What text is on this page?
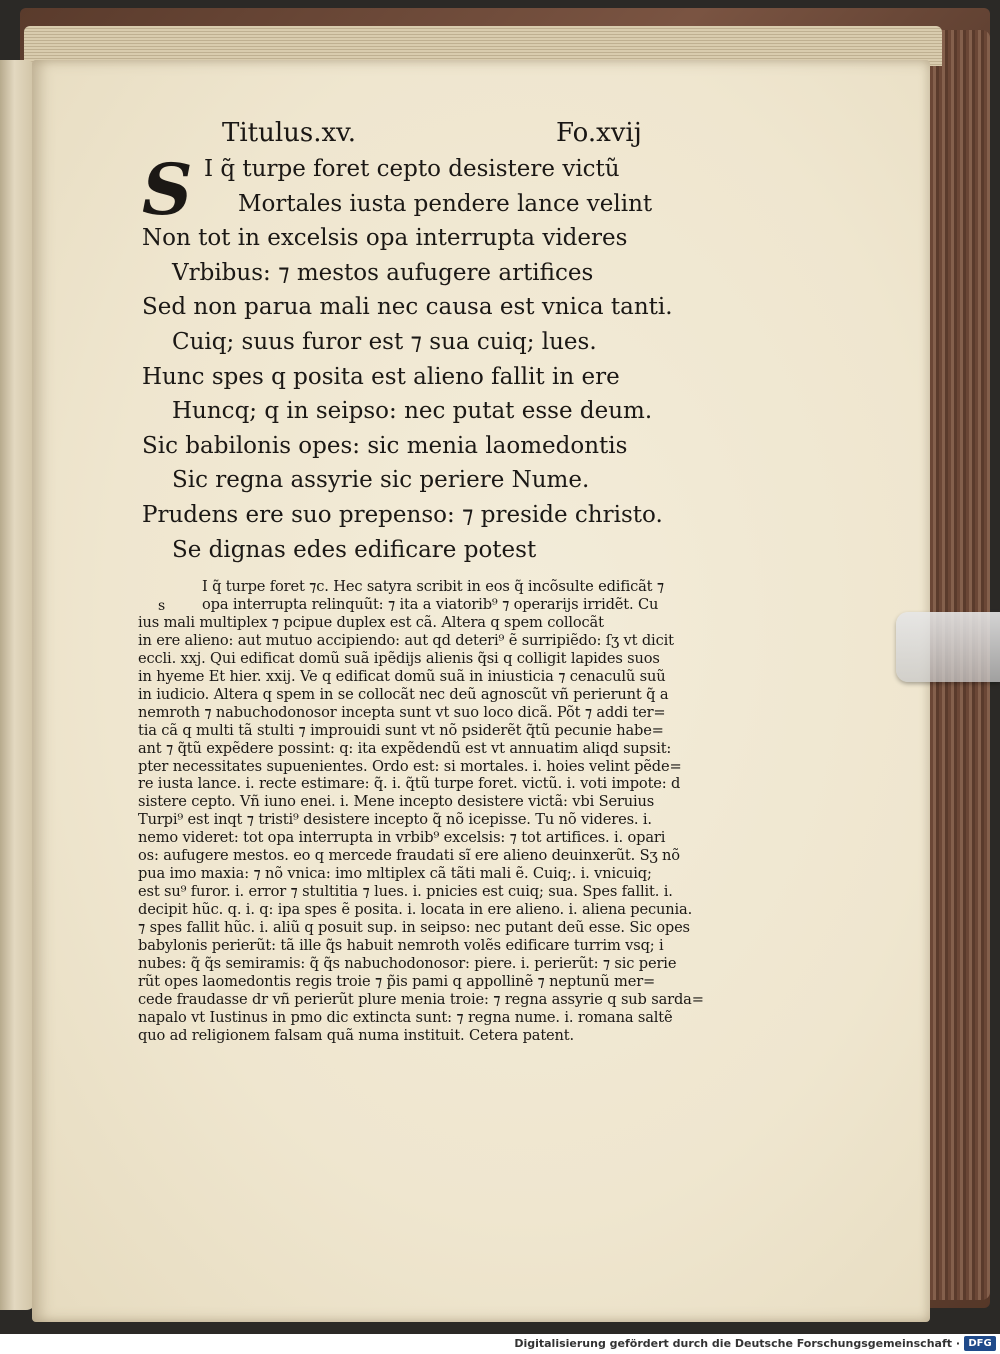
Titulus.xv.	Fo.xvij
S I q̃ turpe foret cepto desistere victũ
Mortales iusta pendere lance velint
Non tot in excelsis opa interrupta videres
Vrbibus: ⁊ mestos aufugere artifices
Sed non parua mali nec causa est vnica tanti.
Cuiq; suus furor est ⁊ sua cuiq; lues.
Hunc spes q posita est alieno fallit in ere
Huncq; q in seipso: nec putat esse deum.
Sic babilonis opes: sic menia laomedontis
Sic regna assyrie sic periere Nume.
Prudens ere suo prepenso: ⁊ preside christo.
Se dignas edes edificare potest
s
I q̃ turpe foret ⁊c. Hec satyra scribit in eos q̃ incõsulte edificãt ⁊
opa interrupta relinquũt: ⁊ ita a viatorib⁹ ⁊ operarijs irridẽt. Cu
ius mali multiplex ⁊ pcipue duplex est cã. Altera q spem collocãt
in ere alieno: aut mutuo accipiendo: aut qd deteri⁹ ẽ surripiẽdo: ſʒ vt dicit
eccli. xxj. Qui edificat domũ suã ipẽdijs alienis q̃si q colligit lapides suos
in hyeme Et hier. xxij. Ve q edificat domũ suã in iniusticia ⁊ cenaculũ suũ
in iudicio. Altera q spem in se collocãt nec deũ agnoscũt vñ perierunt q̃ a
nemroth ⁊ nabuchodonosor incepta sunt vt suo loco dicã. Põt ⁊ addi ter=
tia cã q multi tã stulti ⁊ improuidi sunt vt nõ psiderẽt q̃tũ pecunie habe=
ant ⁊ q̃tũ expẽdere possint: q: ita expẽdendũ est vt annuatim aliqd supsit:
pter necessitates supuenientes. Ordo est: si mortales. i. hoies velint pẽde=
re iusta lance. i. recte estimare: q̃. i. q̃tũ turpe foret. victũ. i. voti impote: d
sistere cepto. Vñ iuno enei. i. Mene incepto desistere victã: vbi Seruius
Turpi⁹ est inqt ⁊ tristi⁹ desistere incepto q̃ nõ icepisse. Tu nõ videres. i.
nemo videret: tot opa interrupta in vrbib⁹ excelsis: ⁊ tot artifices. i. opari
os: aufugere mestos. eo q mercede fraudati sĩ ere alieno deuinxerũt. Sʒ nõ
pua imo maxia: ⁊ nõ vnica: imo mltiplex cã tãti mali ẽ. Cuiq;. i. vnicuiq;
est su⁹ furor. i. error ⁊ stultitia ⁊ lues. i. pnicies est cuiq; sua. Spes fallit. i.
decipit hũc. q. i. q: ipa spes ẽ posita. i. locata in ere alieno. i. aliena pecunia.
⁊ spes fallit hũc. i. aliũ q posuit sup. in seipso: nec putant deũ esse. Sic opes
babylonis perierũt: tã ille q̃s habuit nemroth volẽs edificare turrim vsq; i
nubes: q̃ q̃s semiramis: q̃ q̃s nabuchodonosor: piere. i. perierũt: ⁊ sic perie
rũt opes laomedontis regis troie ⁊ p̃is pami q appollinẽ ⁊ neptunũ mer=
cede fraudasse dr vñ perierũt plure menia troie: ⁊ regna assyrie q sub sarda=
napalo vt Iustinus in pmo dic extincta sunt: ⁊ regna nume. i. romana saltẽ
quo ad religionem falsam quã numa instituit. Cetera patent.
Digitalisierung gefördert durch die Deutsche Forschungsgemeinschaft · DFG
